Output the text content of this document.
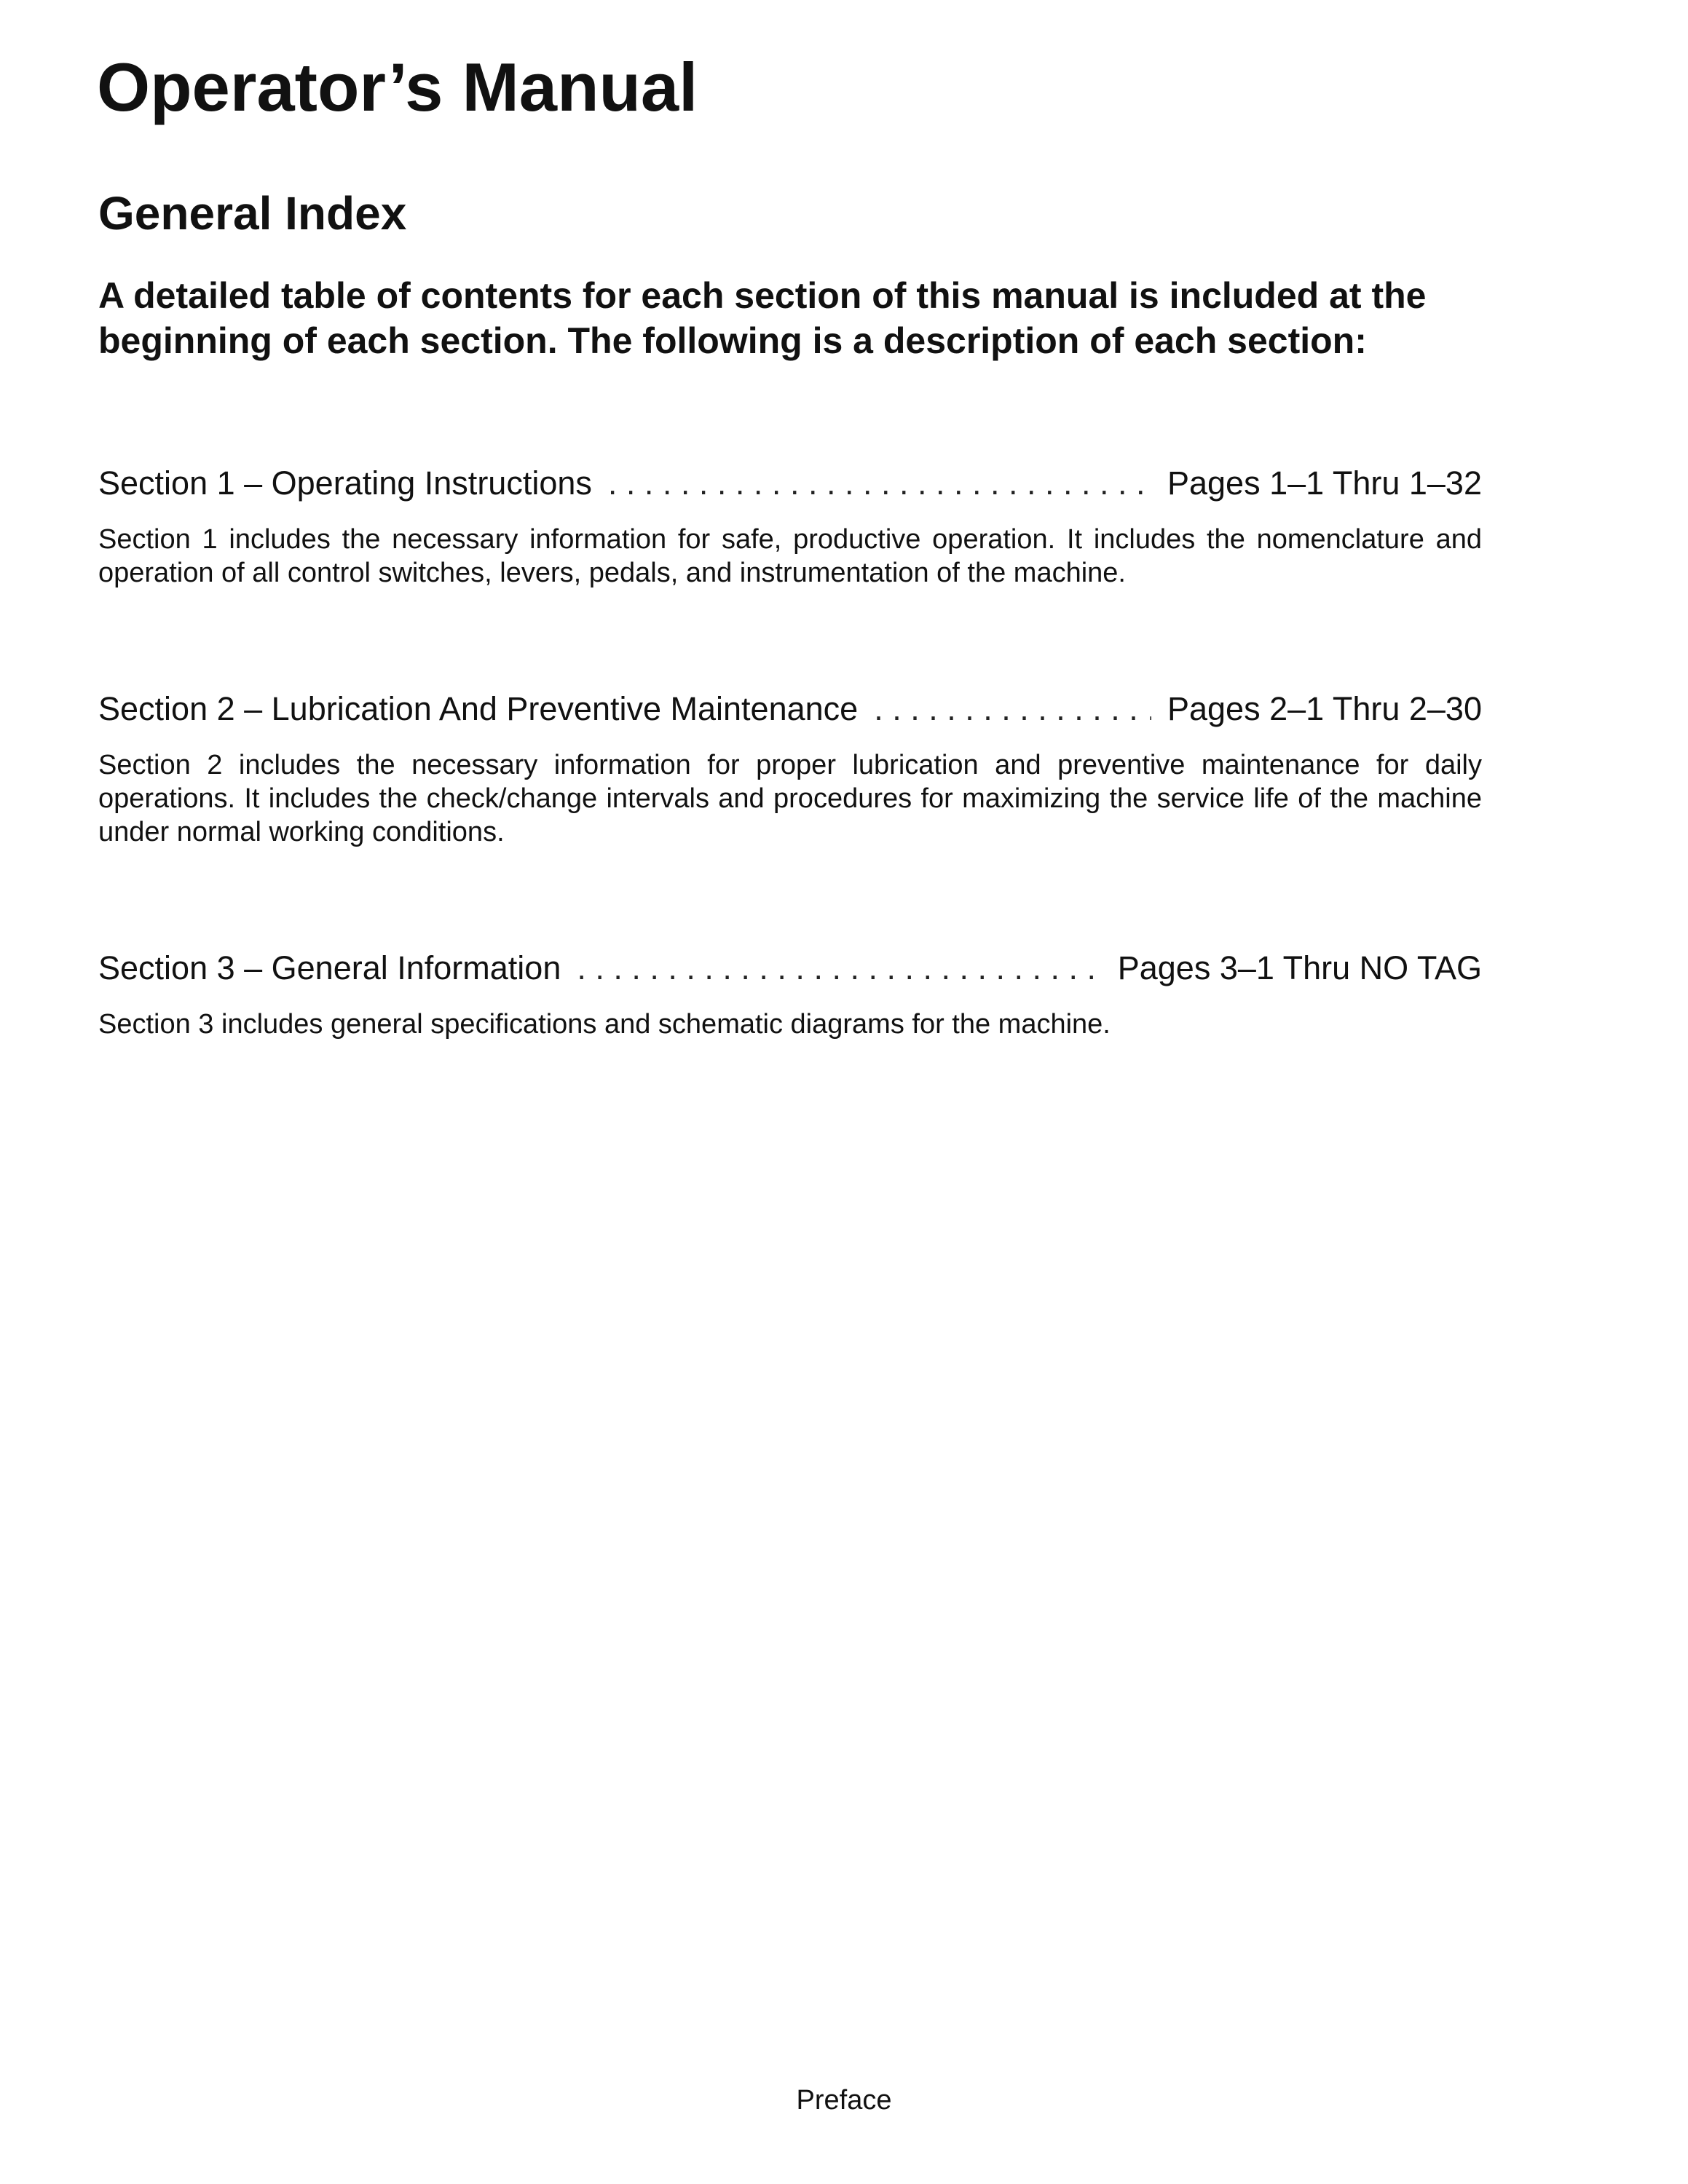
Operator’s Manual
General Index

A detailed table of contents for each section of this manual is included at the beginning of each section. The following is a description of each section:

Section 1 – Operating Instructions . . .	Pages 1–1 Thru 1–32

Section 1 includes the necessary information for safe, productive operation. It includes the nomenclature and operation of all control switches, levers, pedals, and instrumentation of the machine.

Section 2 – Lubrication And Preventive Maintenance . . .	Pages 2–1 Thru 2–30

Section 2 includes the necessary information for proper lubrication and preventive maintenance for daily operations. It includes the check/change intervals and procedures for maximizing the service life of the machine under normal working conditions.

Section 3 – General Information . . .	Pages 3–1 Thru NO TAG

Section 3 includes general specifications and schematic diagrams for the machine.

Preface
